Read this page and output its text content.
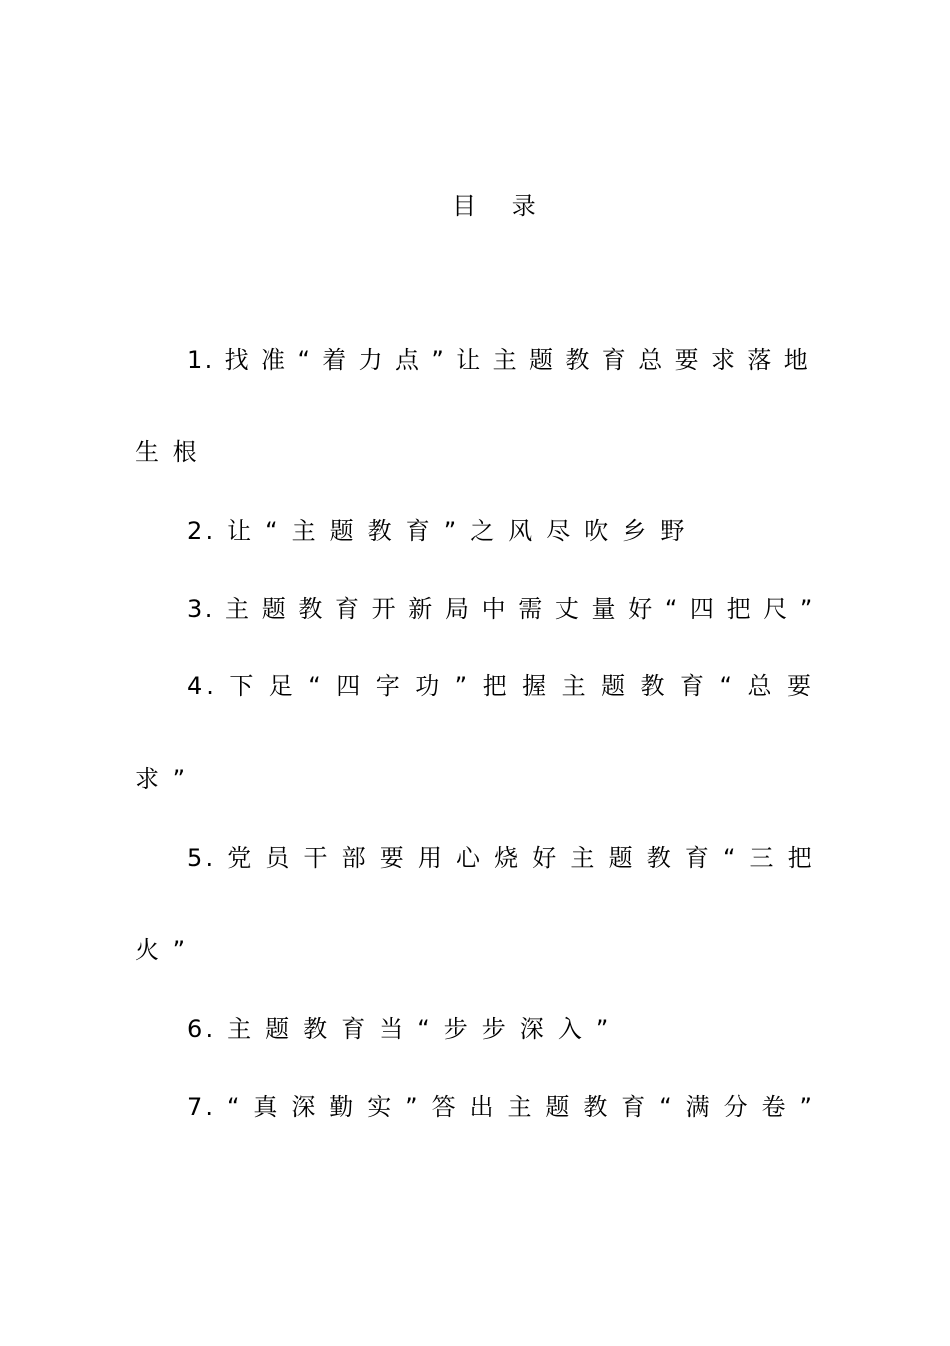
目 录
1. 找 准 “ 着 力 点 ” 让 主 题 教 育 总 要 求 落 地
生 根
2. 让 “ 主 题 教 育 ” 之 风 尽 吹 乡 野
3. 主 题 教 育 开 新 局 中 需 丈 量 好 “ 四 把 尺 ”
4. 下 足 “ 四 字 功 ” 把 握 主 题 教 育 “ 总 要
求 ”
5. 党 员 干 部 要 用 心 烧 好 主 题 教 育 “ 三 把
火 ”
6. 主 题 教 育 当 “ 步 步 深 入 ”
7. “ 真 深 勤 实 ” 答 出 主 题 教 育 “ 满 分 卷 ”
